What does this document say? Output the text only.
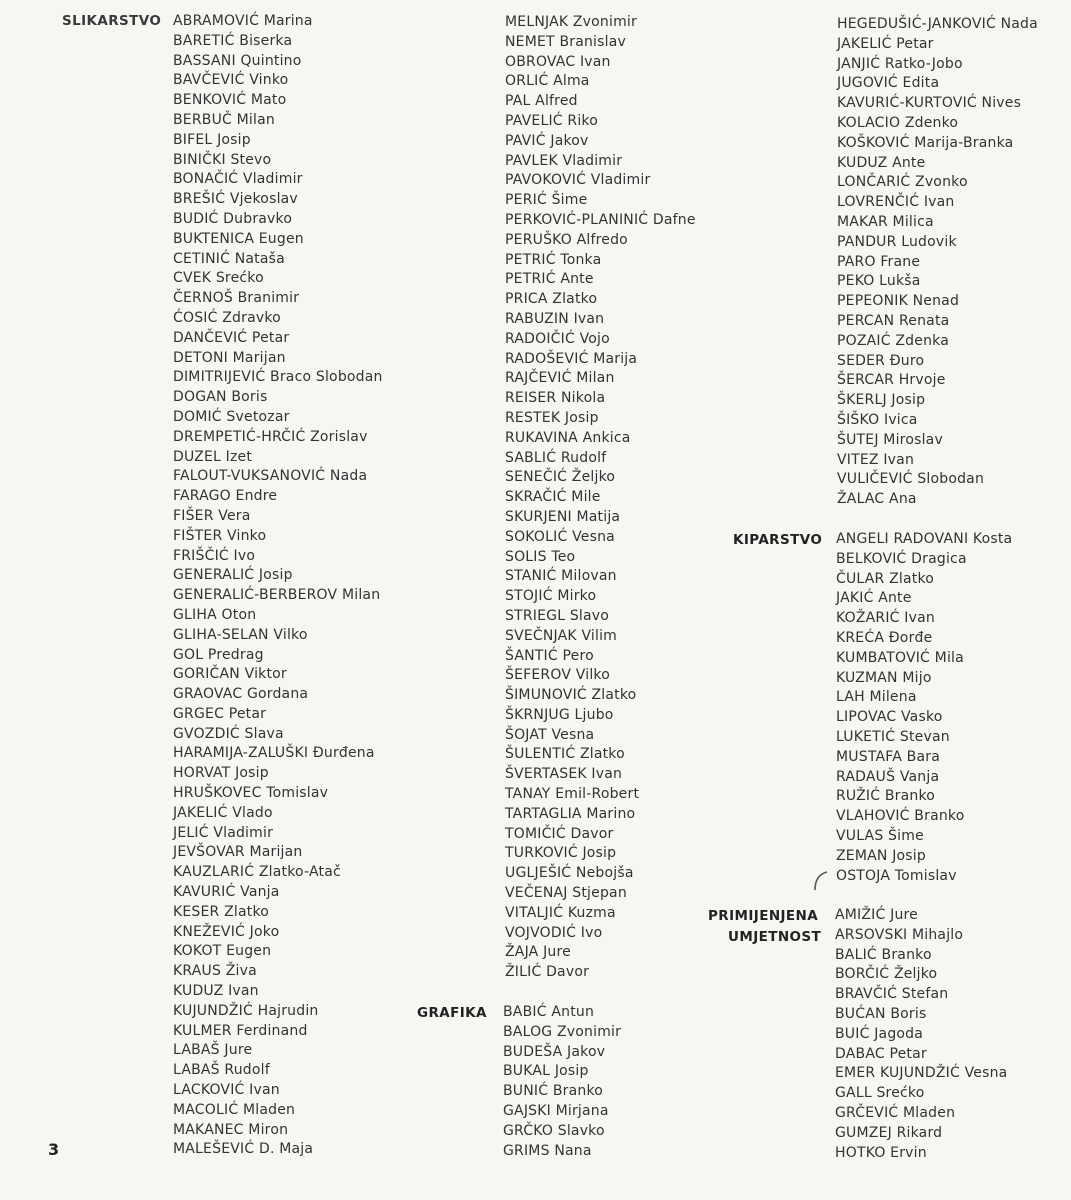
SLIKARSTVO
GRAFIKA
KIPARSTVO
PRIMIJENJENA
UMJETNOST
ABRAMOVIĆ Marina
BARETIĆ Biserka
BASSANI Quintino
BAVČEVIĆ Vinko
BENKOVIĆ Mato
BERBUČ Milan
BIFEL Josip
BINIČKI Stevo
BONAČIĆ Vladimir
BREŠIĆ Vjekoslav
BUDIĆ Dubravko
BUKTENICA Eugen
CETINIĆ Nataša
CVEK Srećko
ČERNOŠ Branimir
ĆOSIĆ Zdravko
DANČEVIĆ Petar
DETONI Marijan
DIMITRIJEVIĆ Braco Slobodan
DOGAN Boris
DOMIĆ Svetozar
DREMPETIĆ-HRČIĆ Zorislav
DUZEL Izet
FALOUT-VUKSANOVIĆ Nada
FARAGO Endre
FIŠER Vera
FIŠTER Vinko
FRIŠČIĆ Ivo
GENERALIĆ Josip
GENERALIĆ-BERBEROV Milan
GLIHA Oton
GLIHA-SELAN Vilko
GOL Predrag
GORIČAN Viktor
GRAOVAC Gordana
GRGEC Petar
GVOZDIĆ Slava
HARAMIJA-ZALUŠKI Đurđena
HORVAT Josip
HRUŠKOVEC Tomislav
JAKELIĆ Vlado
JELIĆ Vladimir
JEVŠOVAR Marijan
KAUZLARIĆ Zlatko-Atač
KAVURIĆ Vanja
KESER Zlatko
KNEŽEVIĆ Joko
KOKOT Eugen
KRAUS Živa
KUDUZ Ivan
KUJUNDŽIĆ Hajrudin
KULMER Ferdinand
LABAŠ Jure
LABAŠ Rudolf
LACKOVIĆ Ivan
MACOLIĆ Mladen
MAKANEC Miron
MALEŠEVIĆ D. Maja
MELNJAK Zvonimir
NEMET Branislav
OBROVAC Ivan
ORLIĆ Alma
PAL Alfred
PAVELIĆ Riko
PAVIĆ Jakov
PAVLEK Vladimir
PAVOKOVIĆ Vladimir
PERIĆ Šime
PERKOVIĆ-PLANINIĆ Dafne
PERUŠKO Alfredo
PETRIĆ Tonka
PETRIĆ Ante
PRICA Zlatko
RABUZIN Ivan
RADOIČIĆ Vojo
RADOŠEVIĆ Marija
RAJČEVIĆ Milan
REISER Nikola
RESTEK Josip
RUKAVINA Ankica
SABLIĆ Rudolf
SENEČIĆ Željko
SKRAČIĆ Mile
SKURJENI Matija
SOKOLIĆ Vesna
SOLIS Teo
STANIĆ Milovan
STOJIĆ Mirko
STRIEGL Slavo
SVEČNJAK Vilim
ŠANTIĆ Pero
ŠEFEROV Vilko
ŠIMUNOVIĆ Zlatko
ŠKRNJUG Ljubo
ŠOJAT Vesna
ŠULENTIĆ Zlatko
ŠVERTASEK Ivan
TANAY Emil-Robert
TARTAGLIA Marino
TOMIČIĆ Davor
TURKOVIĆ Josip
UGLJEŠIĆ Nebojša
VEČENAJ Stjepan
VITALJIĆ Kuzma
VOJVODIĆ Ivo
ŽAJA Jure
ŽILIĆ Davor
BABIĆ Antun
BALOG Zvonimir
BUDEŠA Jakov
BUKAL Josip
BUNIĆ Branko
GAJSKI Mirjana
GRČKO Slavko
GRIMS Nana
HEGEDUŠIĆ-JANKOVIĆ Nada
JAKELIĆ Petar
JANJIĆ Ratko-Jobo
JUGOVIĆ Edita
KAVURIĆ-KURTOVIĆ Nives
KOLACIO Zdenko
KOŠKOVIĆ Marija-Branka
KUDUZ Ante
LONČARIĆ Zvonko
LOVRENČIĆ Ivan
MAKAR Milica
PANDUR Ludovik
PARO Frane
PEKO Lukša
PEPEONIK Nenad
PERCAN Renata
POZAIĆ Zdenka
SEDER Đuro
ŠERCAR Hrvoje
ŠKERLJ Josip
ŠIŠKO Ivica
ŠUTEJ Miroslav
VITEZ Ivan
VULIČEVIĆ Slobodan
ŽALAC Ana
ANGELI RADOVANI Kosta
BELKOVIĆ Dragica
ČULAR Zlatko
JAKIĆ Ante
KOŽARIĆ Ivan
KREĆA Đorđe
KUMBATOVIĆ Mila
KUZMAN Mijo
LAH Milena
LIPOVAC Vasko
LUKETIĆ Stevan
MUSTAFA Bara
RADAUŠ Vanja
RUŽIĆ Branko
VLAHOVIĆ Branko
VULAS Šime
ZEMAN Josip
OSTOJA Tomislav
AMIŽIĆ Jure
ARSOVSKI Mihajlo
BALIĆ Branko
BORČIĆ Željko
BRAVČIĆ Stefan
BUĆAN Boris
BUIĆ Jagoda
DABAC Petar
EMER KUJUNDŽIĆ Vesna
GALL Srećko
GRČEVIĆ Mladen
GUMZEJ Rikard
HOTKO Ervin
3
